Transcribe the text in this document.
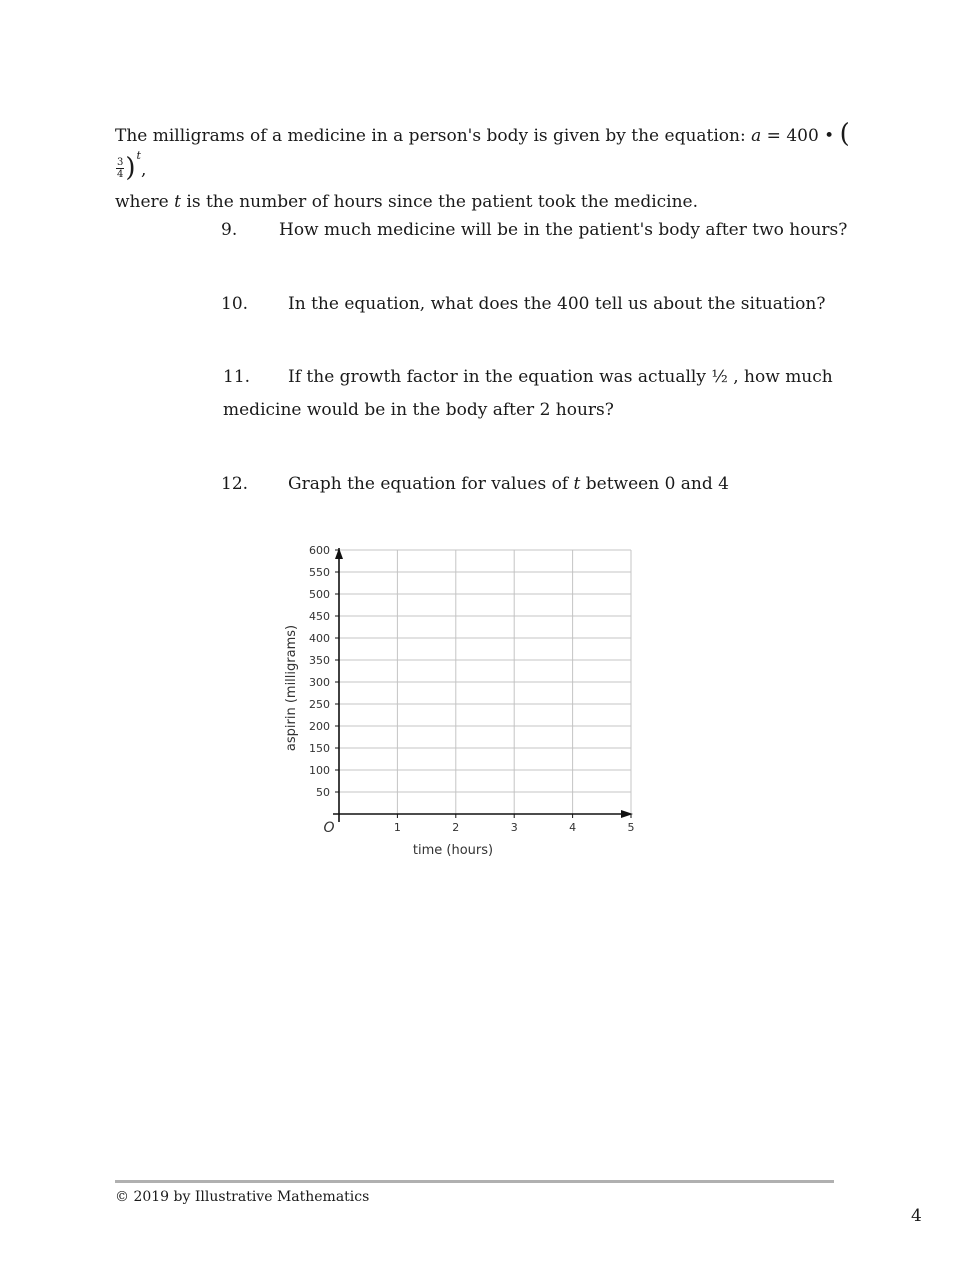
The milligrams of a medicine in a person's body is given by the equation: a = 400 • (
$\frac{3}{4} )^t$,
where t is the number of hours since the patient took the medicine.
9. How much medicine will be in the patient's body after two hours?
10. In the equation, what does the 400 tell us about the situation?
11. If the growth factor in the equation was actually ½ , how much
medicine would be in the body after 2 hours?
12. Graph the equation for values of t between 0 and 4
50
100
150
200
250
300
350
400
450
500
550
600
1	2	3	4	5
O
time (hours)
aspirin (milligrams)
© 2019 by Illustrative Mathematics
4
